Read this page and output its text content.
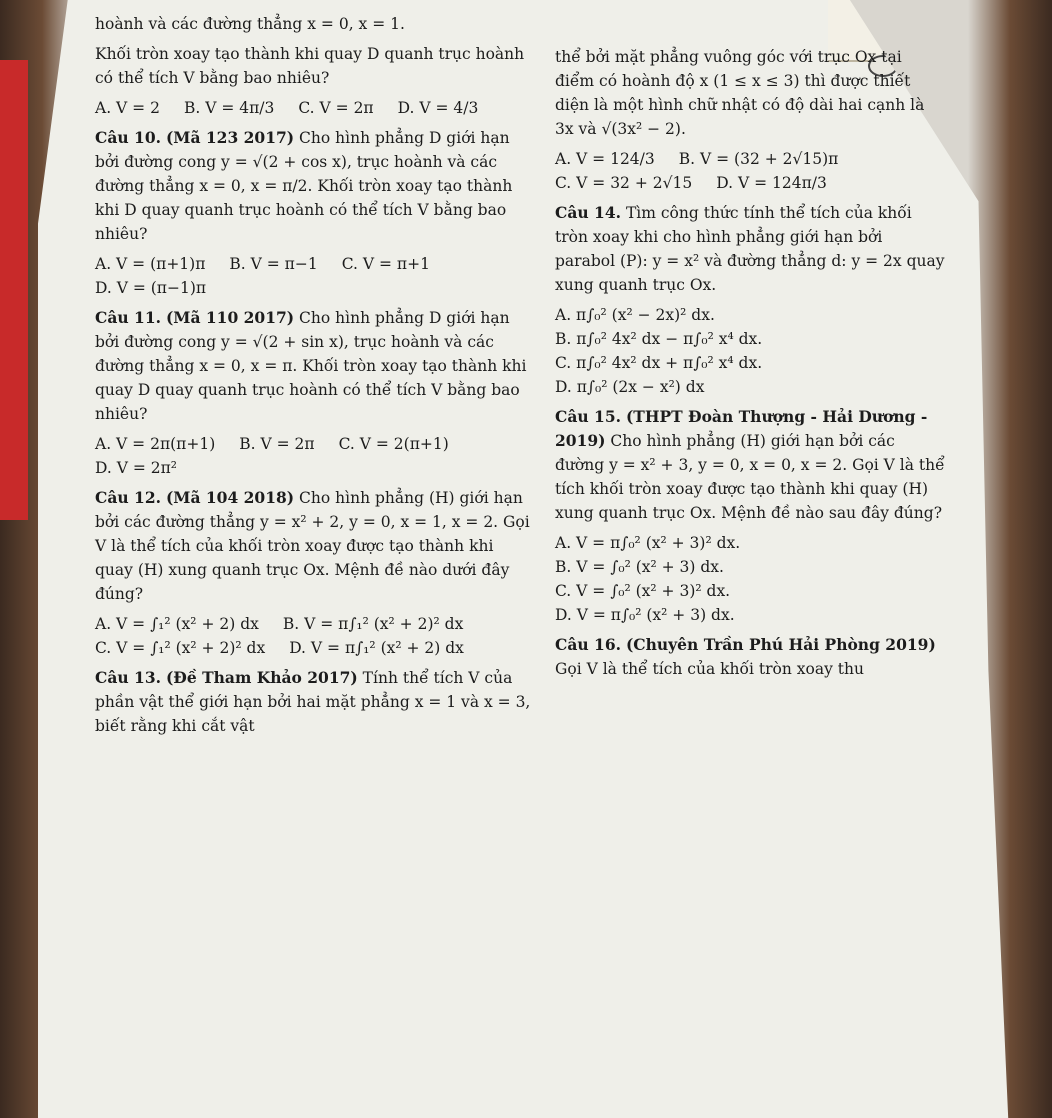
hoành và các đường thẳng x = 0, x = 1.
Khối tròn xoay tạo thành khi quay D quanh trục hoành có thể tích V bằng bao nhiêu?
A. V = 2 B. V = 4π/3 C. V = 2π D. V = 4/3
Câu 10. (Mã 123 2017) Cho hình phẳng D giới hạn bởi đường cong y = √(2 + cos x), trục hoành và các đường thẳng x = 0, x = π/2. Khối tròn xoay tạo thành khi D quay quanh trục hoành có thể tích V bằng bao nhiêu?
A. V = (π+1)π B. V = π−1 C. V = π+1D. V = (π−1)π
Câu 11. (Mã 110 2017) Cho hình phẳng D giới hạn bởi đường cong y = √(2 + sin x), trục hoành và các đường thẳng x = 0, x = π. Khối tròn xoay tạo thành khi quay D quay quanh trục hoành có thể tích V bằng bao nhiêu?
A. V = 2π(π+1) B. V = 2π C. V = 2(π+1)D. V = 2π²
Câu 12. (Mã 104 2018) Cho hình phẳng (H) giới hạn bởi các đường thẳng y = x² + 2, y = 0, x = 1, x = 2. Gọi V là thể tích của khối tròn xoay được tạo thành khi quay (H) xung quanh trục Ox. Mệnh đề nào dưới đây đúng?
A. V = ∫₁² (x² + 2) dx B. V = π∫₁² (x² + 2)² dxC. V = ∫₁² (x² + 2)² dx D. V = π∫₁² (x² + 2) dx
Câu 13. (Đề Tham Khảo 2017) Tính thể tích V của phần vật thể giới hạn bởi hai mặt phẳng x = 1 và x = 3, biết rằng khi cắt vật
thể bởi mặt phẳng vuông góc với trục Ox tại điểm có hoành độ x (1 ≤ x ≤ 3) thì được thiết diện là một hình chữ nhật có độ dài hai cạnh là 3x và √(3x² − 2).
A. V = 124/3 B. V = (32 + 2√15)πC. V = 32 + 2√15 D. V = 124π/3
Câu 14. Tìm công thức tính thể tích của khối tròn xoay khi cho hình phẳng giới hạn bởi parabol (P): y = x² và đường thẳng d: y = 2x quay xung quanh trục Ox.
A. π∫₀² (x² − 2x)² dx.B. π∫₀² 4x² dx − π∫₀² x⁴ dx.C. π∫₀² 4x² dx + π∫₀² x⁴ dx.D. π∫₀² (2x − x²) dx
Câu 15. (THPT Đoàn Thượng - Hải Dương - 2019) Cho hình phẳng (H) giới hạn bởi các đường y = x² + 3, y = 0, x = 0, x = 2. Gọi V là thể tích khối tròn xoay được tạo thành khi quay (H) xung quanh trục Ox. Mệnh đề nào sau đây đúng?
A. V = π∫₀² (x² + 3)² dx.B. V = ∫₀² (x² + 3) dx.C. V = ∫₀² (x² + 3)² dx.D. V = π∫₀² (x² + 3) dx.
Câu 16. (Chuyên Trần Phú Hải Phòng 2019) Gọi V là thể tích của khối tròn xoay thu
